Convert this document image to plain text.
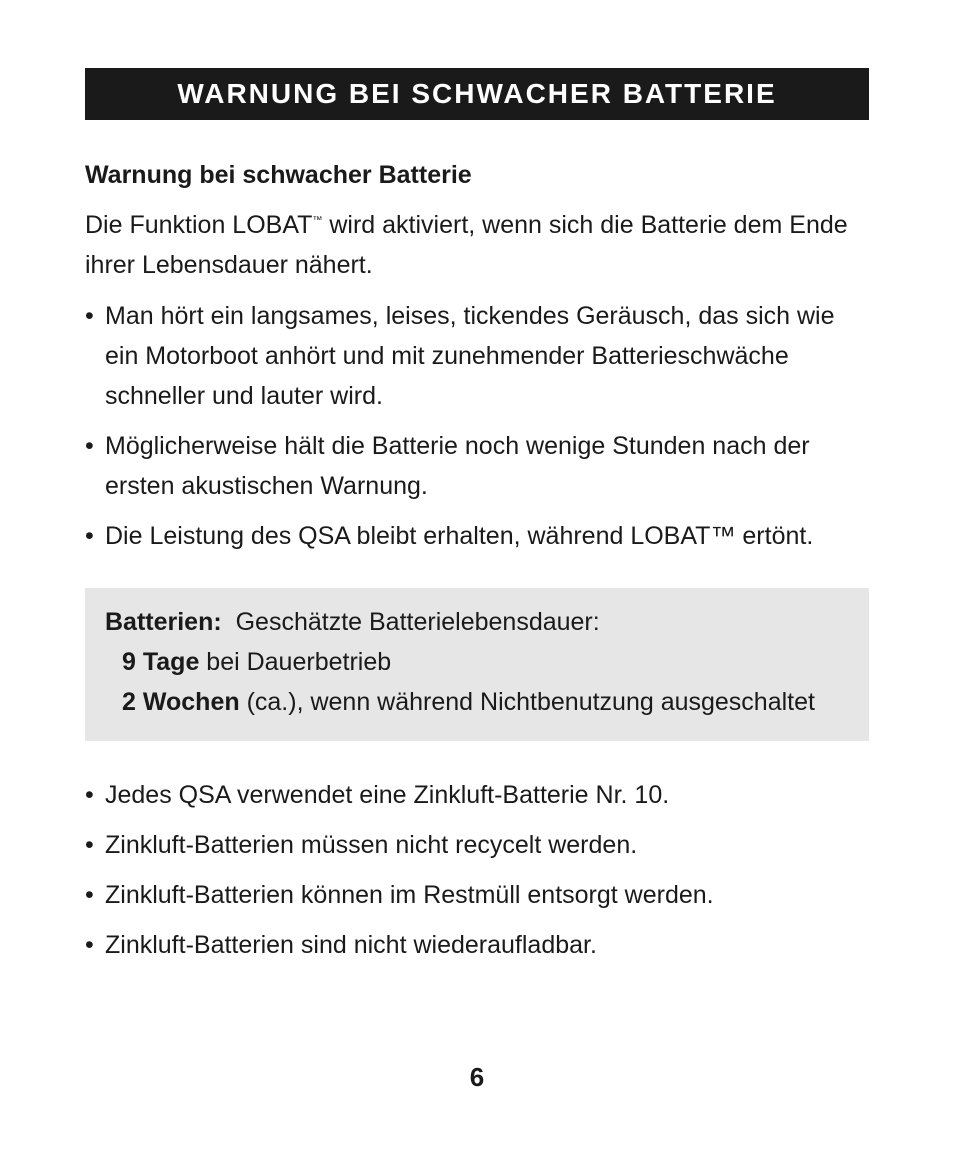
WARNUNG BEI SCHWACHER BATTERIE
Warnung bei schwacher Batterie
Die Funktion LOBAT™ wird aktiviert, wenn sich die Batterie dem Ende ihrer Lebensdauer nähert.
• Man hört ein langsames, leises, tickendes Geräusch, das sich wie ein Motorboot anhört und mit zunehmender Batterieschwäche schneller und lauter wird.
• Möglicherweise hält die Batterie noch wenige Stunden nach der ersten akustischen Warnung.
• Die Leistung des QSA bleibt erhalten, während LOBAT™ ertönt.
Batterien: Geschätzte Batterielebensdauer:
9 Tage bei Dauerbetrieb
2 Wochen (ca.), wenn während Nichtbenutzung ausgeschaltet
• Jedes QSA verwendet eine Zinkluft-Batterie Nr. 10.
• Zinkluft-Batterien müssen nicht recycelt werden.
• Zinkluft-Batterien können im Restmüll entsorgt werden.
• Zinkluft-Batterien sind nicht wiederaufladbar.
6
